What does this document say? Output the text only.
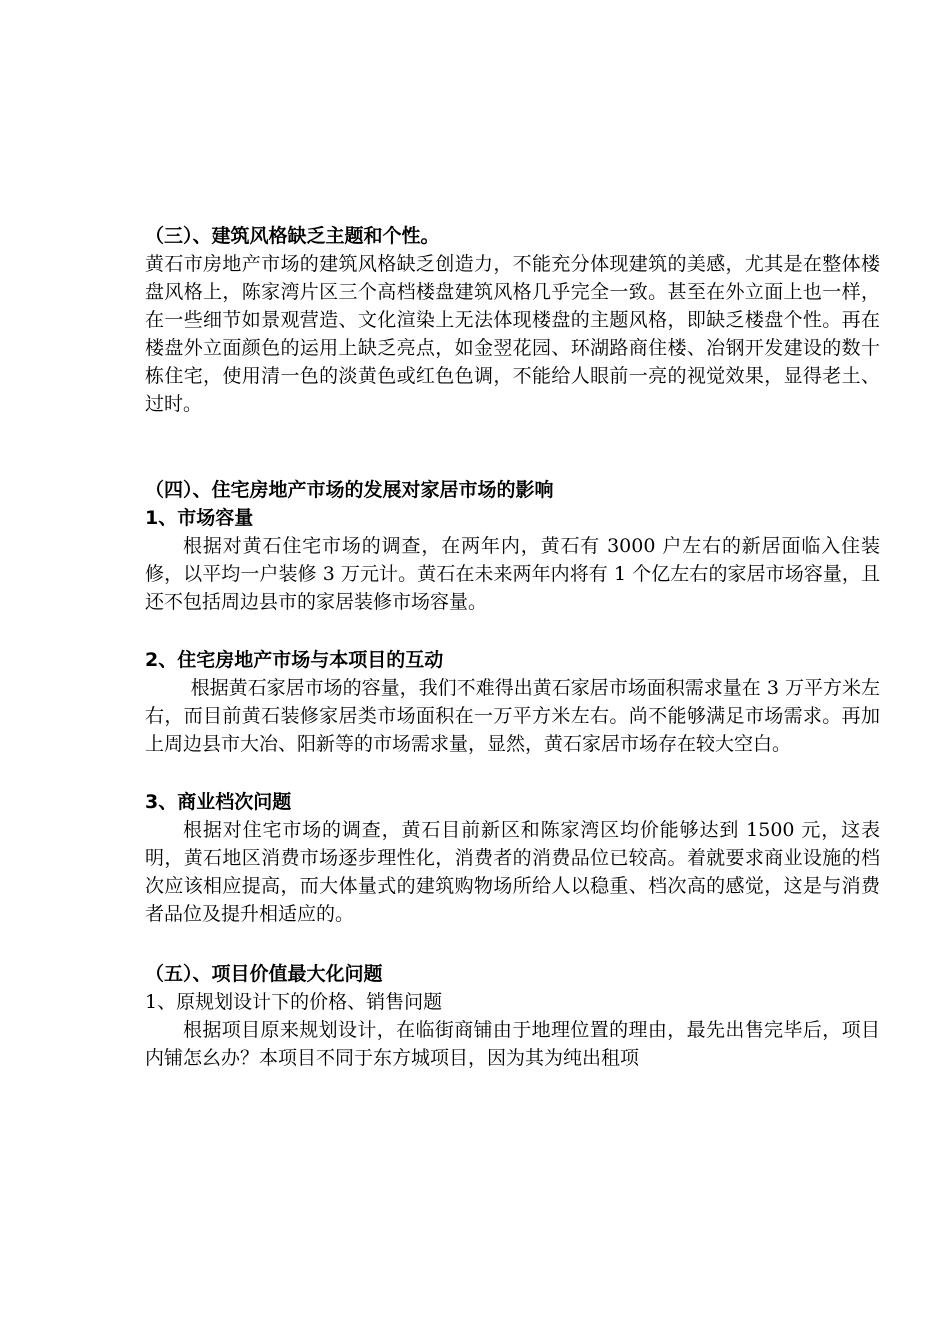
（三）、建筑风格缺乏主题和个性。

黄石市房地产市场的建筑风格缺乏创造力，不能充分体现建筑的美感，尤其是在整体楼盘风格上，陈家湾片区三个高档楼盘建筑风格几乎完全一致。甚至在外立面上也一样，在一些细节如景观营造、文化渲染上无法体现楼盘的主题风格，即缺乏楼盘个性。再在楼盘外立面颜色的运用上缺乏亮点，如金翌花园、环湖路商住楼、冶钢开发建设的数十栋住宅，使用清一色的淡黄色或红色色调，不能给人眼前一亮的视觉效果，显得老土、过时。

（四）、住宅房地产市场的发展对家居市场的影响

1、市场容量

根据对黄石住宅市场的调查，在两年内，黄石有 3000 户左右的新居面临入住装修，以平均一户装修 3 万元计。黄石在未来两年内将有 1 个亿左右的家居市场容量，且还不包括周边县市的家居装修市场容量。

2、住宅房地产市场与本项目的互动

根据黄石家居市场的容量，我们不难得出黄石家居市场面积需求量在 3 万平方米左右，而目前黄石装修家居类市场面积在一万平方米左右。尚不能够满足市场需求。再加上周边县市大冶、阳新等的市场需求量，显然，黄石家居市场存在较大空白。

3、商业档次问题

根据对住宅市场的调查，黄石目前新区和陈家湾区均价能够达到 1500 元，这表明，黄石地区消费市场逐步理性化，消费者的消费品位已较高。着就要求商业设施的档次应该相应提高，而大体量式的建筑购物场所给人以稳重、档次高的感觉，这是与消费者品位及提升相适应的。

（五）、项目价值最大化问题

1、原规划设计下的价格、销售问题

根据项目原来规划设计，在临街商铺由于地理位置的理由，最先出售完毕后，项目内铺怎幺办？本项目不同于东方城项目，因为其为纯出租项
